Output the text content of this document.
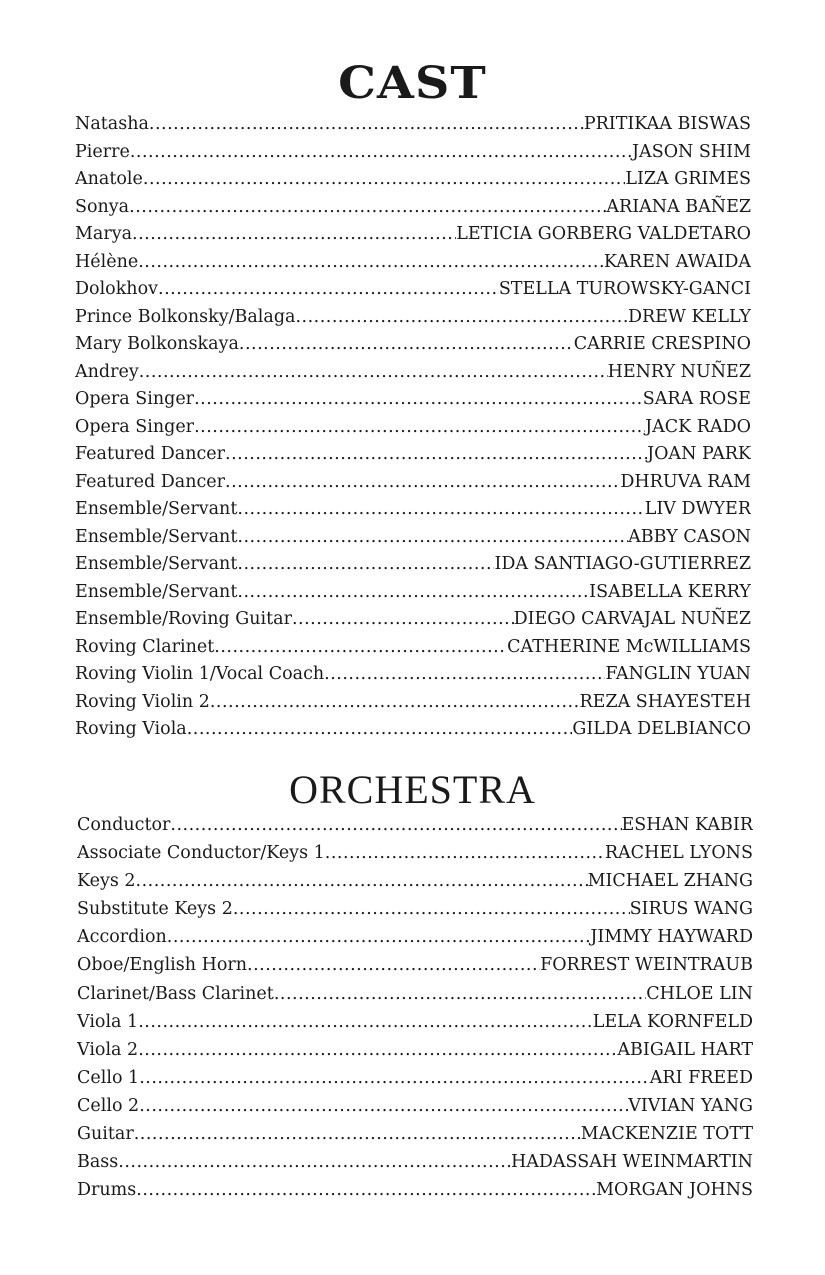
CAST
Natasha .....	PRITIKAA BISWAS
Pierre .....	JASON SHIM
Anatole .....	LIZA GRIMES
Sonya .....	ARIANA BAÑEZ
Marya .....	LETICIA GORBERG VALDETARO
Hélène .....	KAREN AWAIDA
Dolokhov .....	STELLA TUROWSKY-GANCI
Prince Bolkonsky/Balaga .....	DREW KELLY
Mary Bolkonskaya .....	CARRIE CRESPINO
Andrey .....	HENRY NUÑEZ
Opera Singer .....	SARA ROSE
Opera Singer .....	JACK RADO
Featured Dancer .....	JOAN PARK
Featured Dancer .....	DHRUVA RAM
Ensemble/Servant .....	LIV DWYER
Ensemble/Servant .....	ABBY CASON
Ensemble/Servant .....	IDA SANTIAGO-GUTIERREZ
Ensemble/Servant .....	ISABELLA KERRY
Ensemble/Roving Guitar .....	DIEGO CARVAJAL NUÑEZ
Roving Clarinet .....	CATHERINE McWILLIAMS
Roving Violin 1/Vocal Coach .....	FANGLIN YUAN
Roving Violin 2 .....	REZA SHAYESTEH
Roving Viola .....	GILDA DELBIANCO
ORCHESTRA
Conductor .....	ESHAN KABIR
Associate Conductor/Keys 1 .....	RACHEL LYONS
Keys 2 .....	MICHAEL ZHANG
Substitute Keys 2 .....	SIRUS WANG
Accordion .....	JIMMY HAYWARD
Oboe/English Horn .....	FORREST WEINTRAUB
Clarinet/Bass Clarinet .....	CHLOE LIN
Viola 1 .....	LELA KORNFELD
Viola 2 .....	ABIGAIL HART
Cello 1 .....	ARI FREED
Cello 2 .....	VIVIAN YANG
Guitar .....	MACKENZIE TOTT
Bass .....	HADASSAH WEINMARTIN
Drums .....	MORGAN JOHNS
